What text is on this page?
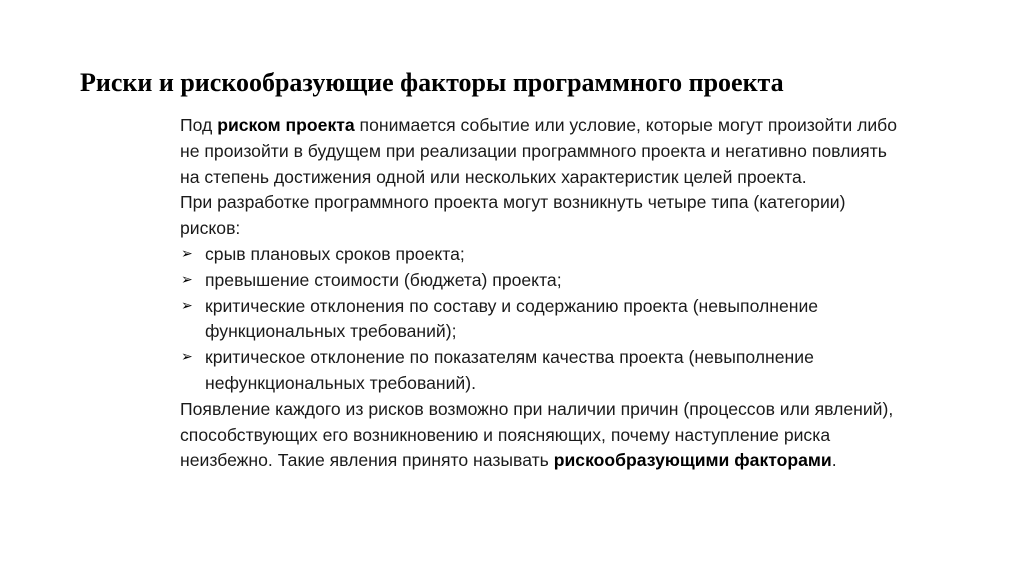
Риски и рискообразующие факторы программного проекта

Под риском проекта понимается событие или условие, которые могут произойти либо не произойти в будущем при реализации программного проекта и негативно повлиять на степень достижения одной или нескольких характеристик целей проекта.

При разработке программного проекта могут возникнуть четыре типа (категории) рисков:

➢ срыв плановых сроков проекта;
➢ превышение стоимости (бюджета) проекта;
➢ критические отклонения по составу и содержанию проекта (невыполнение функциональных требований);
➢ критическое отклонение по показателям качества проекта (невыполнение нефункциональных требований).

Появление каждого из рисков возможно при наличии причин (процессов или явлений), способствующих его возникновению и поясняющих, почему наступление риска неизбежно. Такие явления принято называть рискообразующими факторами.
